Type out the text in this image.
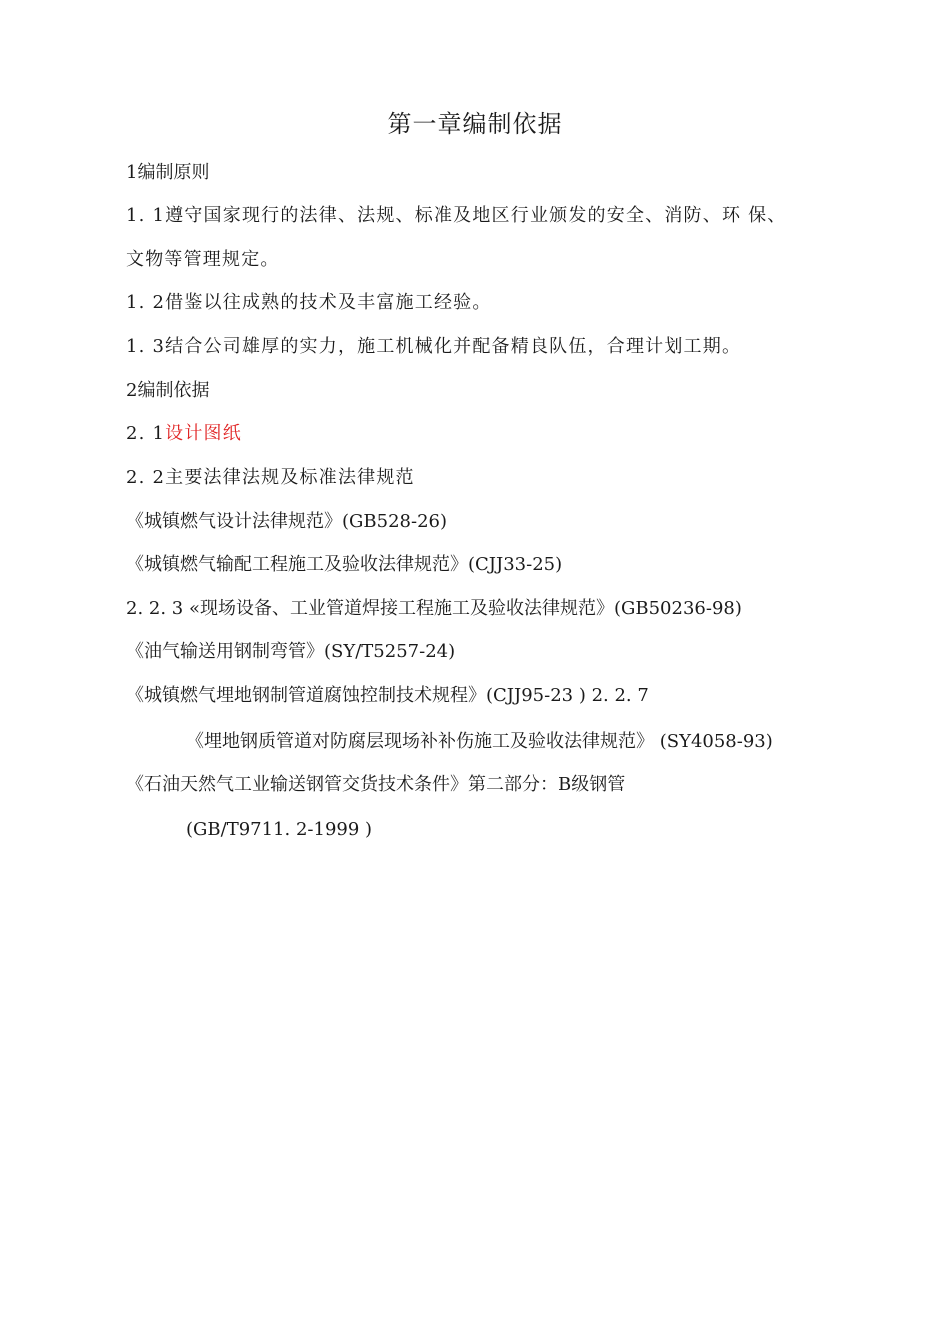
第一章编制依据
1编制原则
1. 1遵守国家现行的法律、法规、标准及地区行业颁发的安全、消防、环 保、
文物等管理规定。
1. 2借鉴以往成熟的技术及丰富施工经验。
1. 3结合公司雄厚的实力，施工机械化并配备精良队伍，合理计划工期。
2编制依据
2. 1设计图纸
2. 2主要法律法规及标准法律规范
《城镇燃气设计法律规范》(GB528-26)
《城镇燃气输配工程施工及验收法律规范》(CJJ33-25)
2. 2. 3 «现场设备、工业管道焊接工程施工及验收法律规范》(GB50236-98)
《油气输送用钢制弯管》(SY/T5257-24)
《城镇燃气埋地钢制管道腐蚀控制技术规程》(CJJ95-23 ) 2. 2. 7
《埋地钢质管道对防腐层现场补补伤施工及验收法律规范》 (SY4058-93)
《石油天然气工业输送钢管交货技术条件》第二部分：B级钢管
(GB/T9711. 2-1999 )
